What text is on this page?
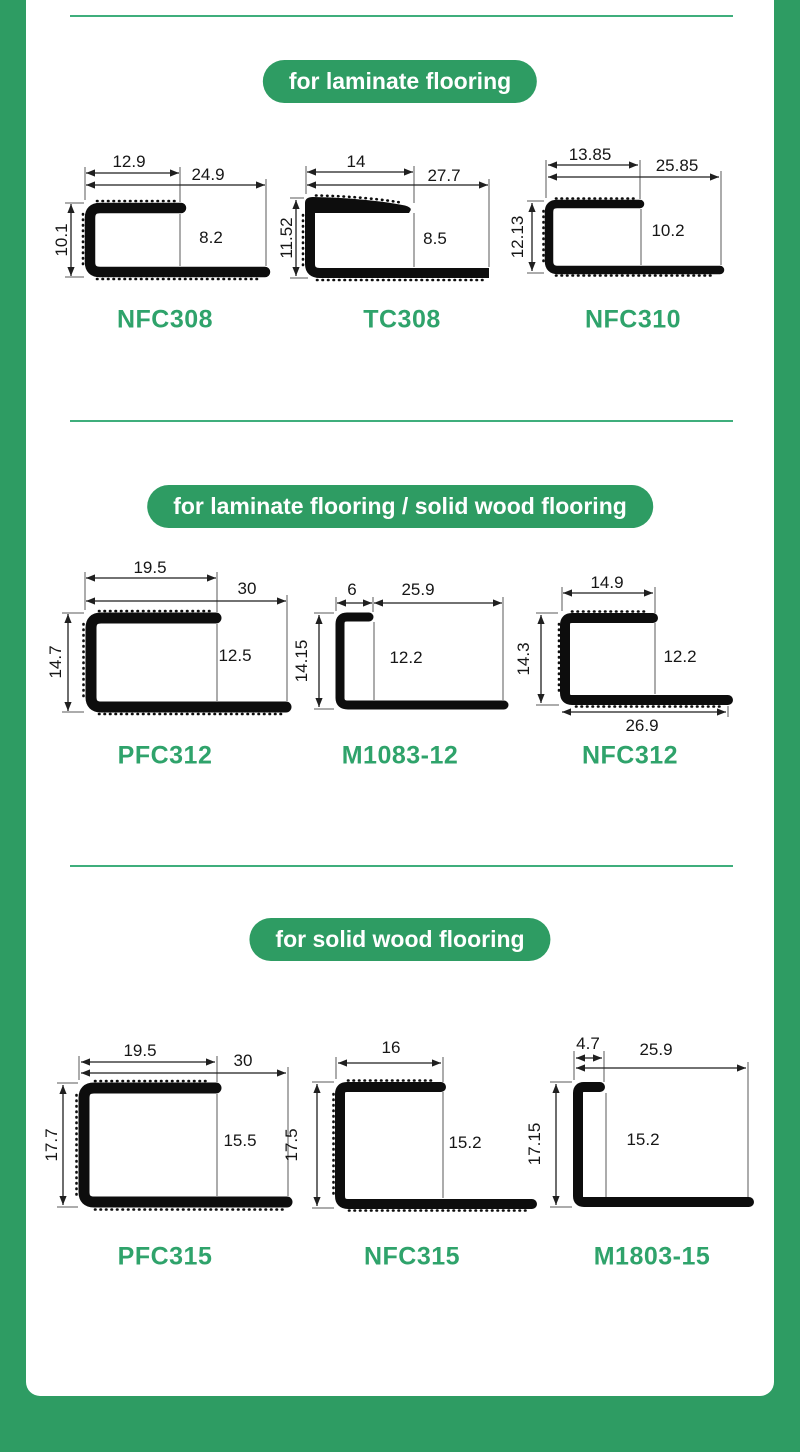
for laminate flooring
for laminate flooring / solid wood flooring
for solid wood flooring
12.9
24.9
10.1	8.2
14
27.7
11.52	8.5
13.85
25.85
12.13	10.2
19.5
30
14.7	12.5
6	25.9
14.15	12.2
14.9
14.3	12.2
26.9
19.5
30
17.7	15.5
16
17.5	15.2
4.7 25.9
17.15	15.2
NFC308	TC308	NFC310
PFC312	M1083-12	NFC312
PFC315	NFC315	M1803-15
